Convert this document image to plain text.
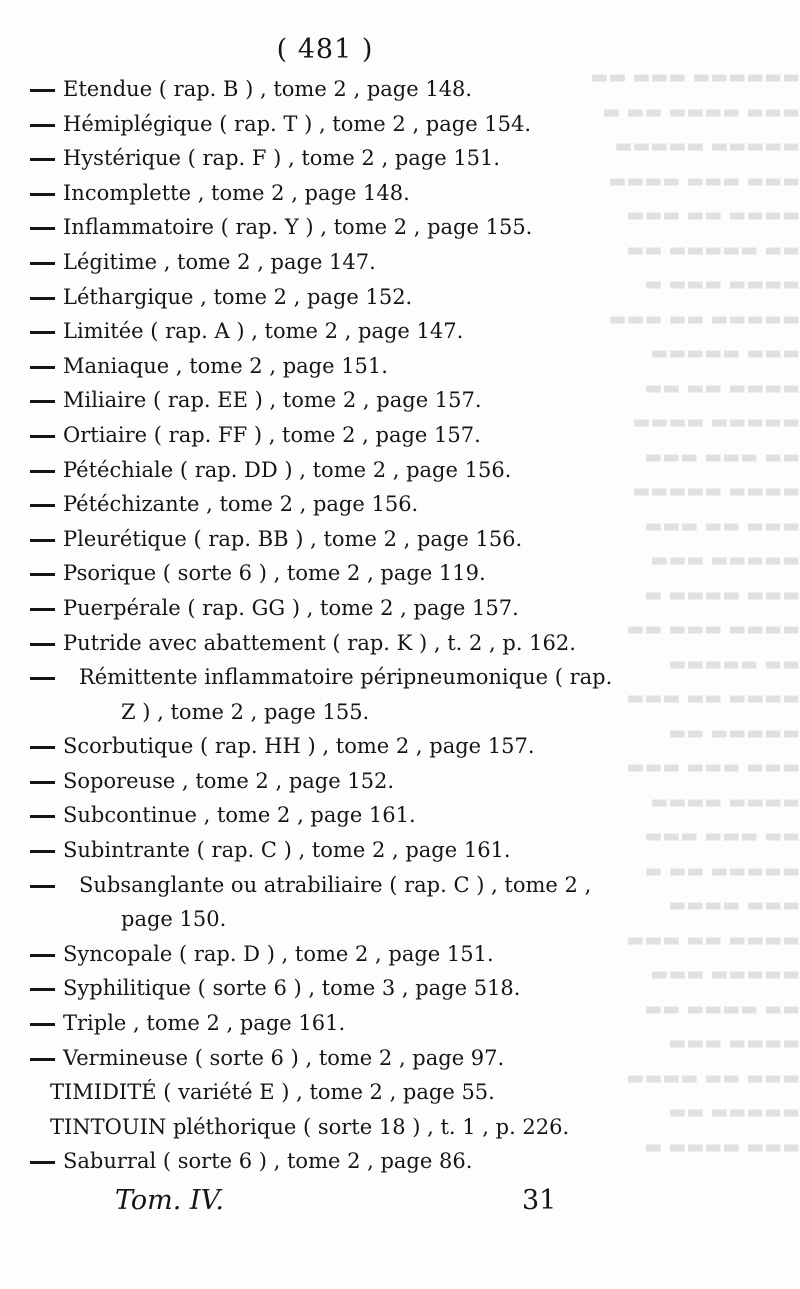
▬▬▬▬▬▬ ▬▬▬ ▬▬
▬▬▬ ▬▬▬▬ ▬▬ ▬
▬▬▬▬▬ ▬▬▬▬▬
▬▬▬ ▬▬▬ ▬▬▬▬
▬▬▬▬ ▬▬ ▬▬▬
▬▬ ▬▬▬▬▬ ▬▬
▬▬▬▬ ▬▬▬ ▬
▬▬▬▬▬ ▬▬ ▬▬▬
▬▬▬ ▬▬▬▬▬
▬▬▬▬ ▬▬ ▬▬
▬▬▬▬▬ ▬▬▬▬
▬▬ ▬▬▬ ▬▬▬
▬▬▬▬ ▬▬▬▬▬
▬▬▬ ▬▬ ▬▬▬
▬▬▬▬▬ ▬▬▬
▬▬▬ ▬▬▬▬ ▬
▬▬▬▬ ▬▬▬ ▬▬
▬▬ ▬▬▬▬▬
▬▬▬▬ ▬▬ ▬▬▬
▬▬▬▬▬ ▬▬
▬▬▬ ▬▬▬ ▬▬▬
▬▬▬▬ ▬▬▬▬
▬▬ ▬▬▬ ▬▬▬
▬▬▬▬▬ ▬▬ ▬
▬▬▬ ▬▬▬▬
▬▬▬▬ ▬▬ ▬▬▬
▬▬▬▬▬ ▬▬▬
▬▬ ▬▬▬▬ ▬▬
▬▬▬▬ ▬▬▬
▬▬▬ ▬▬ ▬▬▬▬
▬▬▬▬▬ ▬▬
▬▬▬ ▬▬▬▬ ▬
( 481 )
Etendue ( rap. B ) , tome 2 , page 148.
Hémiplégique ( rap. T ) , tome 2 , page 154.
Hystérique ( rap. F ) , tome 2 , page 151.
Incomplette , tome 2 , page 148.
Inflammatoire ( rap. Y ) , tome 2 , page 155.
Légitime , tome 2 , page 147.
Léthargique , tome 2 , page 152.
Limitée ( rap. A ) , tome 2 , page 147.
Maniaque , tome 2 , page 151.
Miliaire ( rap. EE ) , tome 2 , page 157.
Ortiaire ( rap. FF ) , tome 2 , page 157.
Pétéchiale ( rap. DD ) , tome 2 , page 156.
Pétéchizante , tome 2 , page 156.
Pleurétique ( rap. BB ) , tome 2 , page 156.
Psorique ( sorte 6 ) , tome 2 , page 119.
Puerpérale ( rap. GG ) , tome 2 , page 157.
Putride avec abattement ( rap. K ) , t. 2 , p. 162.
Rémittente inflammatoire péripneumonique ( rap.
Z ) , tome 2 , page 155.
Scorbutique ( rap. HH ) , tome 2 , page 157.
Soporeuse , tome 2 , page 152.
Subcontinue , tome 2 , page 161.
Subintrante ( rap. C ) , tome 2 , page 161.
Subsanglante ou atrabiliaire ( rap. C ) , tome 2 ,
page 150.
Syncopale ( rap. D ) , tome 2 , page 151.
Syphilitique ( sorte 6 ) , tome 3 , page 518.
Triple , tome 2 , page 161.
Vermineuse ( sorte 6 ) , tome 2 , page 97.
TIMIDITÉ ( variété E ) , tome 2 , page 55.
TINTOUIN pléthorique ( sorte 18 ) , t. 1 , p. 226.
Saburral ( sorte 6 ) , tome 2 , page 86.
Tom. IV.	31
